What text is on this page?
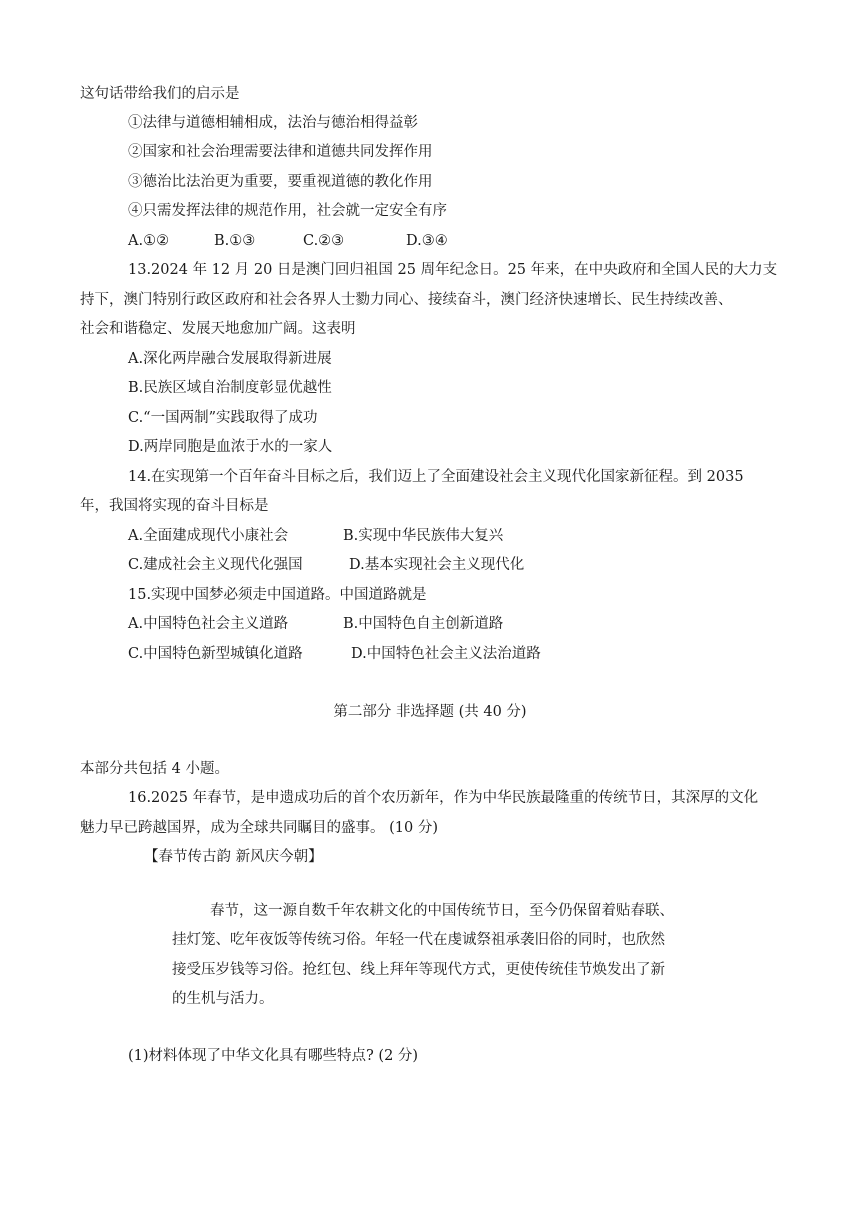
这句话带给我们的启示是
①法律与道德相辅相成，法治与德治相得益彰
②国家和社会治理需要法律和道德共同发挥作用
③德治比法治更为重要，要重视道德的教化作用
④只需发挥法律的规范作用，社会就一定安全有序
A.①②	B.①③	C.②③	D.③④
13.2024 年 12 月 20 日是澳门回归祖国 25 周年纪念日。25 年来，在中央政府和全国人民的大力支
持下，澳门特别行政区政府和社会各界人士勠力同心、接续奋斗，澳门经济快速增长、民生持续改善、
社会和谐稳定、发展天地愈加广阔。这表明
A.深化两岸融合发展取得新进展
B.民族区域自治制度彰显优越性
C.“一国两制”实践取得了成功
D.两岸同胞是血浓于水的一家人
14.在实现第一个百年奋斗目标之后，我们迈上了全面建设社会主义现代化国家新征程。到 2035
年，我国将实现的奋斗目标是
A.全面建成现代小康社会	B.实现中华民族伟大复兴
C.建成社会主义现代化强国	D.基本实现社会主义现代化
15.实现中国梦必须走中国道路。中国道路就是
A.中国特色社会主义道路	B.中国特色自主创新道路
C.中国特色新型城镇化道路	D.中国特色社会主义法治道路
第二部分 非选择题 (共 40 分)
本部分共包括 4 小题。
16.2025 年春节，是申遗成功后的首个农历新年，作为中华民族最隆重的传统节日，其深厚的文化
魅力早已跨越国界，成为全球共同瞩目的盛事。 (10 分)
【春节传古韵 新风庆今朝】
春节，这一源自数千年农耕文化的中国传统节日，至今仍保留着贴春联、
挂灯笼、吃年夜饭等传统习俗。年轻一代在虔诚祭祖承袭旧俗的同时，也欣然
接受压岁钱等习俗。抢红包、线上拜年等现代方式，更使传统佳节焕发出了新
的生机与活力。
(1)材料体现了中华文化具有哪些特点? (2 分)
